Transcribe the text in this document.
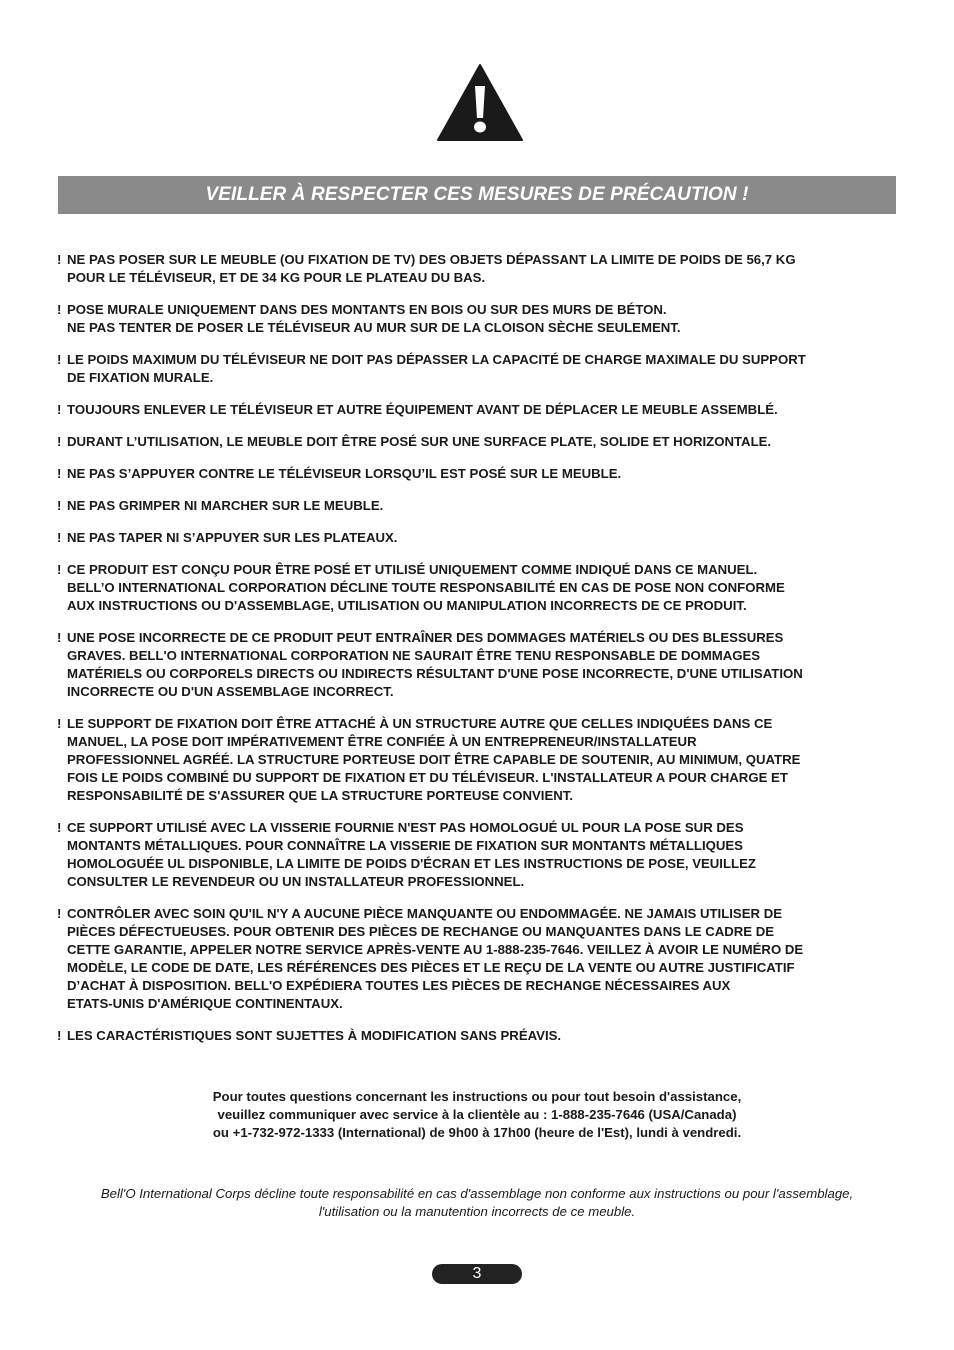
VEILLER À RESPECTER CES MESURES DE PRÉCAUTION !
! NE PAS POSER SUR LE MEUBLE (OU FIXATION DE TV) DES OBJETS DÉPASSANT LA LIMITE DE POIDS DE 56,7 KG
POUR LE TÉLÉVISEUR, ET DE 34 KG POUR LE PLATEAU DU BAS.
! POSE MURALE UNIQUEMENT DANS DES MONTANTS EN BOIS OU SUR DES MURS DE BÉTON.
NE PAS TENTER DE POSER LE TÉLÉVISEUR AU MUR SUR DE LA CLOISON SÈCHE SEULEMENT.
! LE POIDS MAXIMUM DU TÉLÉVISEUR NE DOIT PAS DÉPASSER LA CAPACITÉ DE CHARGE MAXIMALE DU SUPPORT
DE FIXATION MURALE.
! TOUJOURS ENLEVER LE TÉLÉVISEUR ET AUTRE ÉQUIPEMENT AVANT DE DÉPLACER LE MEUBLE ASSEMBLÉ.
! DURANT L’UTILISATION, LE MEUBLE DOIT ÊTRE POSÉ SUR UNE SURFACE PLATE, SOLIDE ET HORIZONTALE.
! NE PAS S’APPUYER CONTRE LE TÉLÉVISEUR LORSQU’IL EST POSÉ SUR LE MEUBLE.
! NE PAS GRIMPER NI MARCHER SUR LE MEUBLE.
! NE PAS TAPER NI S’APPUYER SUR LES PLATEAUX.
! CE PRODUIT EST CONÇU POUR ÊTRE POSÉ ET UTILISÉ UNIQUEMENT COMME INDIQUÉ DANS CE MANUEL.
BELL’O INTERNATIONAL CORPORATION DÉCLINE TOUTE RESPONSABILITÉ EN CAS DE POSE NON CONFORME
AUX INSTRUCTIONS OU D'ASSEMBLAGE, UTILISATION OU MANIPULATION INCORRECTS DE CE PRODUIT.
! UNE POSE INCORRECTE DE CE PRODUIT PEUT ENTRAÎNER DES DOMMAGES MATÉRIELS OU DES BLESSURES
GRAVES. BELL'O INTERNATIONAL CORPORATION NE SAURAIT ÊTRE TENU RESPONSABLE DE DOMMAGES
MATÉRIELS OU CORPORELS DIRECTS OU INDIRECTS RÉSULTANT D'UNE POSE INCORRECTE, D'UNE UTILISATION
INCORRECTE OU D'UN ASSEMBLAGE INCORRECT.
! LE SUPPORT DE FIXATION DOIT ÊTRE ATTACHÉ À UN STRUCTURE AUTRE QUE CELLES INDIQUÉES DANS CE
MANUEL, LA POSE DOIT IMPÉRATIVEMENT ÊTRE CONFIÉE À UN ENTREPRENEUR/INSTALLATEUR
PROFESSIONNEL AGRÉÉ. LA STRUCTURE PORTEUSE DOIT ÊTRE CAPABLE DE SOUTENIR, AU MINIMUM, QUATRE
FOIS LE POIDS COMBINÉ DU SUPPORT DE FIXATION ET DU TÉLÉVISEUR. L'INSTALLATEUR A POUR CHARGE ET
RESPONSABILITÉ DE S'ASSURER QUE LA STRUCTURE PORTEUSE CONVIENT.
! CE SUPPORT UTILISÉ AVEC LA VISSERIE FOURNIE N'EST PAS HOMOLOGUÉ UL POUR LA POSE SUR DES
MONTANTS MÉTALLIQUES. POUR CONNAÎTRE LA VISSERIE DE FIXATION SUR MONTANTS MÉTALLIQUES
HOMOLOGUÉE UL DISPONIBLE, LA LIMITE DE POIDS D'ÉCRAN ET LES INSTRUCTIONS DE POSE, VEUILLEZ
CONSULTER LE REVENDEUR OU UN INSTALLATEUR PROFESSIONNEL.
! CONTRÔLER AVEC SOIN QU'IL N'Y A AUCUNE PIÈCE MANQUANTE OU ENDOMMAGÉE. NE JAMAIS UTILISER DE
PIÈCES DÉFECTUEUSES. POUR OBTENIR DES PIÈCES DE RECHANGE OU MANQUANTES DANS LE CADRE DE
CETTE GARANTIE, APPELER NOTRE SERVICE APRÈS-VENTE AU 1-888-235-7646. VEILLEZ À AVOIR LE NUMÉRO DE
MODÈLE, LE CODE DE DATE, LES RÉFÉRENCES DES PIÈCES ET LE REÇU DE LA VENTE OU AUTRE JUSTIFICATIF
D’ACHAT À DISPOSITION. BELL'O EXPÉDIERA TOUTES LES PIÈCES DE RECHANGE NÉCESSAIRES AUX
ETATS-UNIS D'AMÉRIQUE CONTINENTAUX.
! LES CARACTÉRISTIQUES SONT SUJETTES À MODIFICATION SANS PRÉAVIS.
Pour toutes questions concernant les instructions ou pour tout besoin d'assistance,
veuillez communiquer avec service à la clientèle au : 1-888-235-7646 (USA/Canada)
ou +1-732-972-1333 (International) de 9h00 à 17h00 (heure de l'Est), lundi à vendredi.
Bell'O International Corps décline toute responsabilité en cas d'assemblage non conforme aux instructions ou pour l'assemblage,
l'utilisation ou la manutention incorrects de ce meuble.
3
